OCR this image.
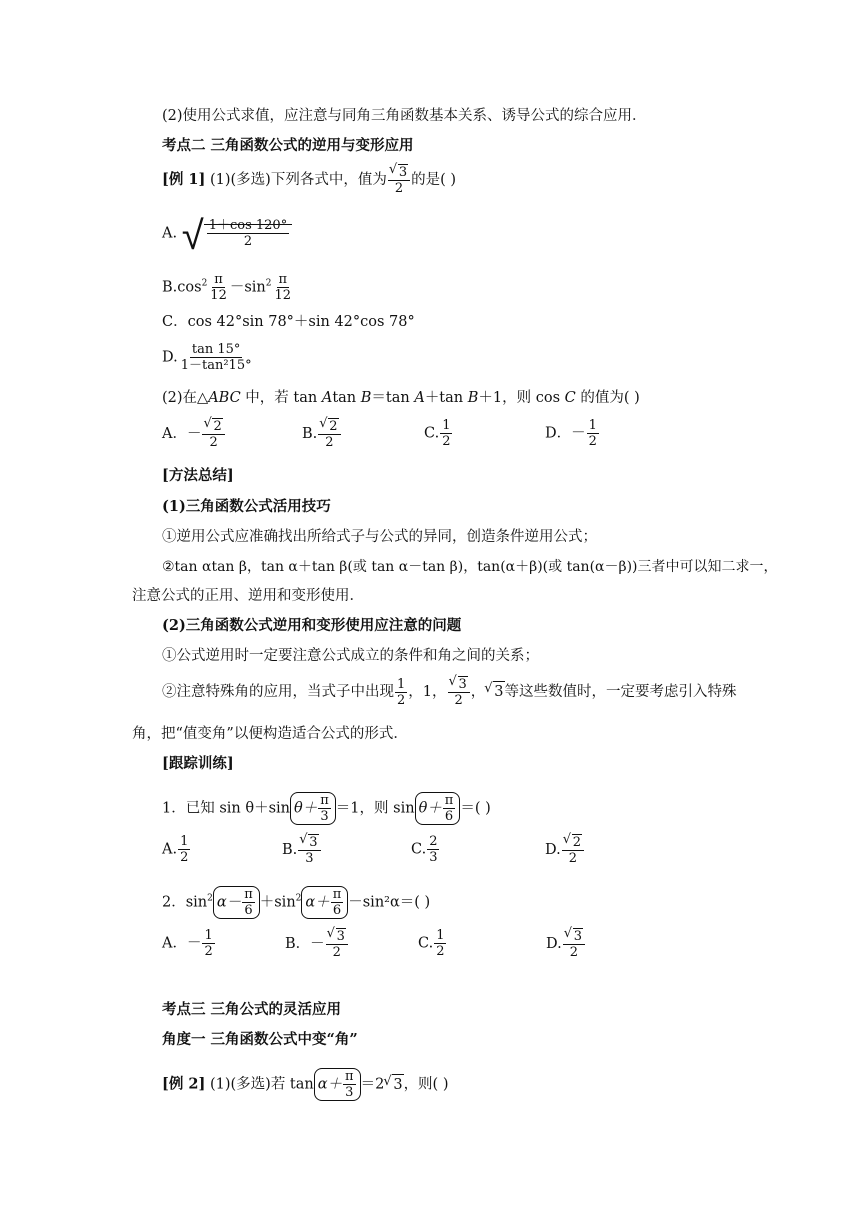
(2)使用公式求值，应注意与同角三角函数基本关系、诱导公式的综合应用．
考点二 三角函数公式的逆用与变形应用
[例 1] (1)(多选)下列各式中，值为
√ $\frac{3}{2}$ 的是( )
A. √ $\frac{1+\cos 120^\circ}{2}$
$B.\cos^2 \frac{\pi}{12} -\sin^2 \frac{\pi}{12}$
C．cos 42°sin 78°＋sin 42°cos 78°
D. $\frac{\tan 15^\circ}{\text{1－tan²15°}}$
(2)在△ABC 中，若 tan Atan B＝tan A＋tan B＋1，则 cos C 的值为( )
A．－
√ $\frac{2}{2}$	B.
√ $\frac{2}{2}$	C. $\frac{1}{2}$	D．－ $\frac{1}{2}$
[方法总结]
(1)三角函数公式活用技巧
①逆用公式应准确找出所给式子与公式的异同，创造条件逆用公式；
②tan αtan β，tan α＋tan β(或 tan α－tan β)，tan(α＋β)(或 tan(α－β))三者中可以知二求一，
注意公式的正用、逆用和变形使用．
(2)三角函数公式逆用和变形使用应注意的问题
①公式逆用时一定要注意公式成立的条件和角之间的关系；
②注意特殊角的应用，当式子中出现 $\frac{1}{2}$ ，1，
√ $\frac{3}{2}$ ，√ 3等这些数值时，一定要考虑引入特殊
角，把“值变角”以便构造适合公式的形式．
[跟踪训练]
1．已知 sin θ＋sin $\theta+ \frac{\pi}{3} =1$，则 $\sin \theta+ \frac{\pi}{6}$ ＝( )
A. $\frac{1}{2}$	B.
√ $\frac{3}{3}$	C. $\frac{2}{3}$	D.
√ $\frac{2}{2}$
2．$\sin^2 \alpha- \frac{\pi}{6} +\sin^2$ $\alpha+ \frac{\pi}{6} -\sin^2\alpha=$( )
A．－ $\frac{1}{2}$	B．－
√ $\frac{3}{2}$	C. $\frac{1}{2}$	D.
√ $\frac{3}{2}$
考点三 三角公式的灵活应用
角度一 三角函数公式中变“角”
[例 2] (1)(多选)若 $\tan \alpha+ \frac{\pi}{3} =2√$ 3，则( )
